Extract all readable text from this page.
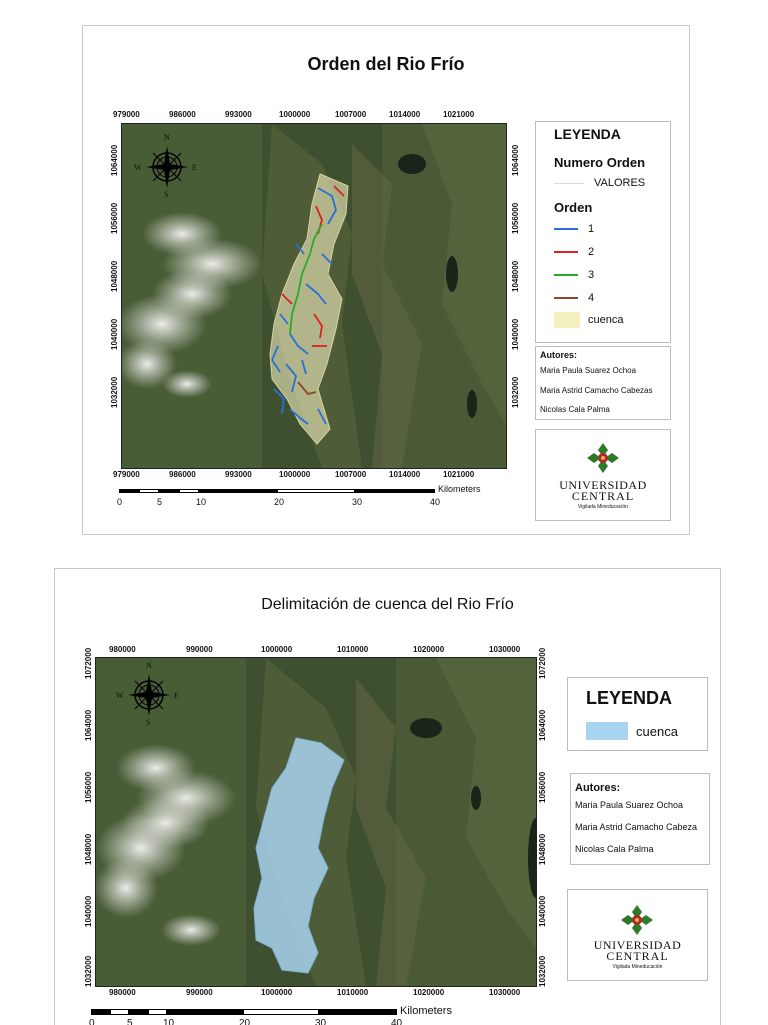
Orden del Rio Frío
979000	986000	993000	1000000	1007000	1014000	1021000
979000	986000	993000	1000000	1007000	1014000	1021000
1064000
1056000
1048000
1040000
1032000
1064000
1056000
1048000
1040000
1032000
N
W	E
S
LEYENDA
Numero Orden
VALORES
Orden
1
2
3
4
cuenca
Autores:
Maria Paula Suarez Ochoa
Maria Astrid Camacho Cabezas
Nicolas Cala Palma
UNIVERSIDAD
CENTRAL
Vigilada Mineducación
Kilometers
0	5	10	20	30	40
Delimitación de cuenca del Rio Frío
980000	990000	1000000	1010000	1020000	1030000
980000	990000	1000000	1010000	1020000	1030000
1072000
1064000
1056000
1048000
1040000
1032000
1072000
1064000
1056000
1048000
1040000
1032000
N
W	E
S
LEYENDA
cuenca
Autores:
Maria Paula Suarez Ochoa
Maria Astrid Camacho Cabeza
Nicolas Cala Palma
UNIVERSIDAD
CENTRAL
Vigilada Mineducación
Kilometers
0	5	10	20	30	40
